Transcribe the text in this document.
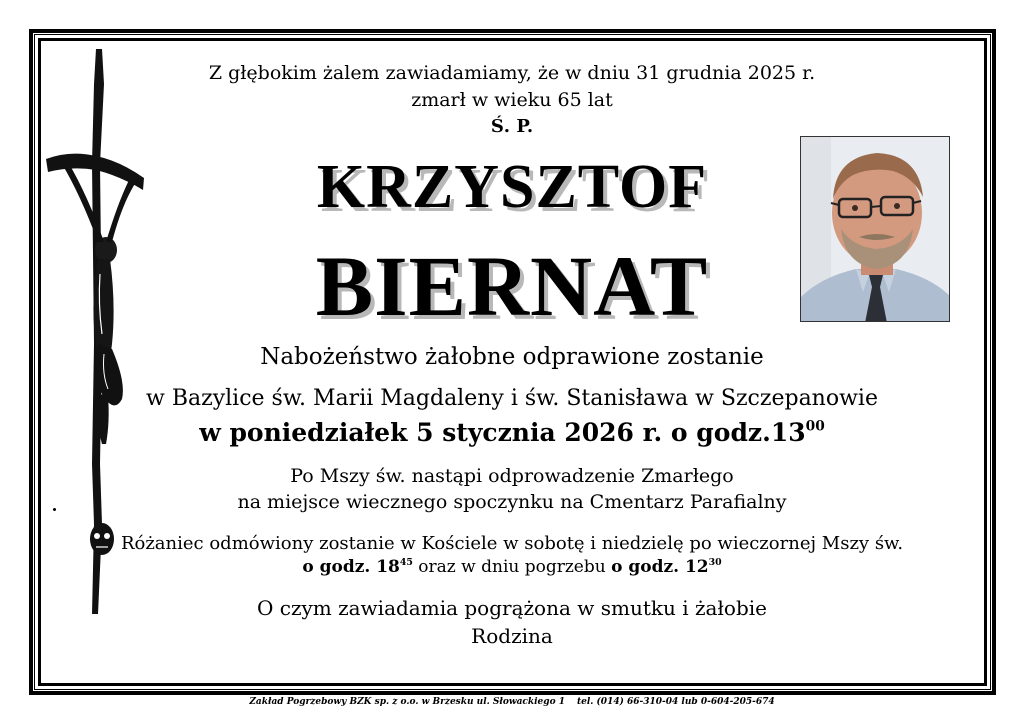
Z głębokim żalem zawiadamiamy, że w dniu 31 grudnia 2025 r.
zmarł w wieku 65 lat
Ś. P.
KRZYSZTOF
BIERNAT
Nabożeństwo żałobne odprawione zostanie
w Bazylice św. Marii Magdaleny i św. Stanisława w Szczepanowie
w poniedziałek 5 stycznia 2026 r. o $godz.13^{00}$
Po Mszy św. nastąpi odprowadzenie Zmarłego
na miejsce wiecznego spoczynku na Cmentarz Parafialny
Różaniec odmówiony zostanie w Kościele w sobotę i niedzielę po wieczornej Mszy św.
o godz. $18^{45}$ oraz w dniu pogrzebu o godz. $12^{30}$
O czym zawiadamia pogrążona w smutku i żałobie
Rodzina
Zakład Pogrzebowy BZK sp. z o.o. w Brzesku ul. Słowackiego 1 tel. (014) 66-310-04 lub 0-604-205-674
